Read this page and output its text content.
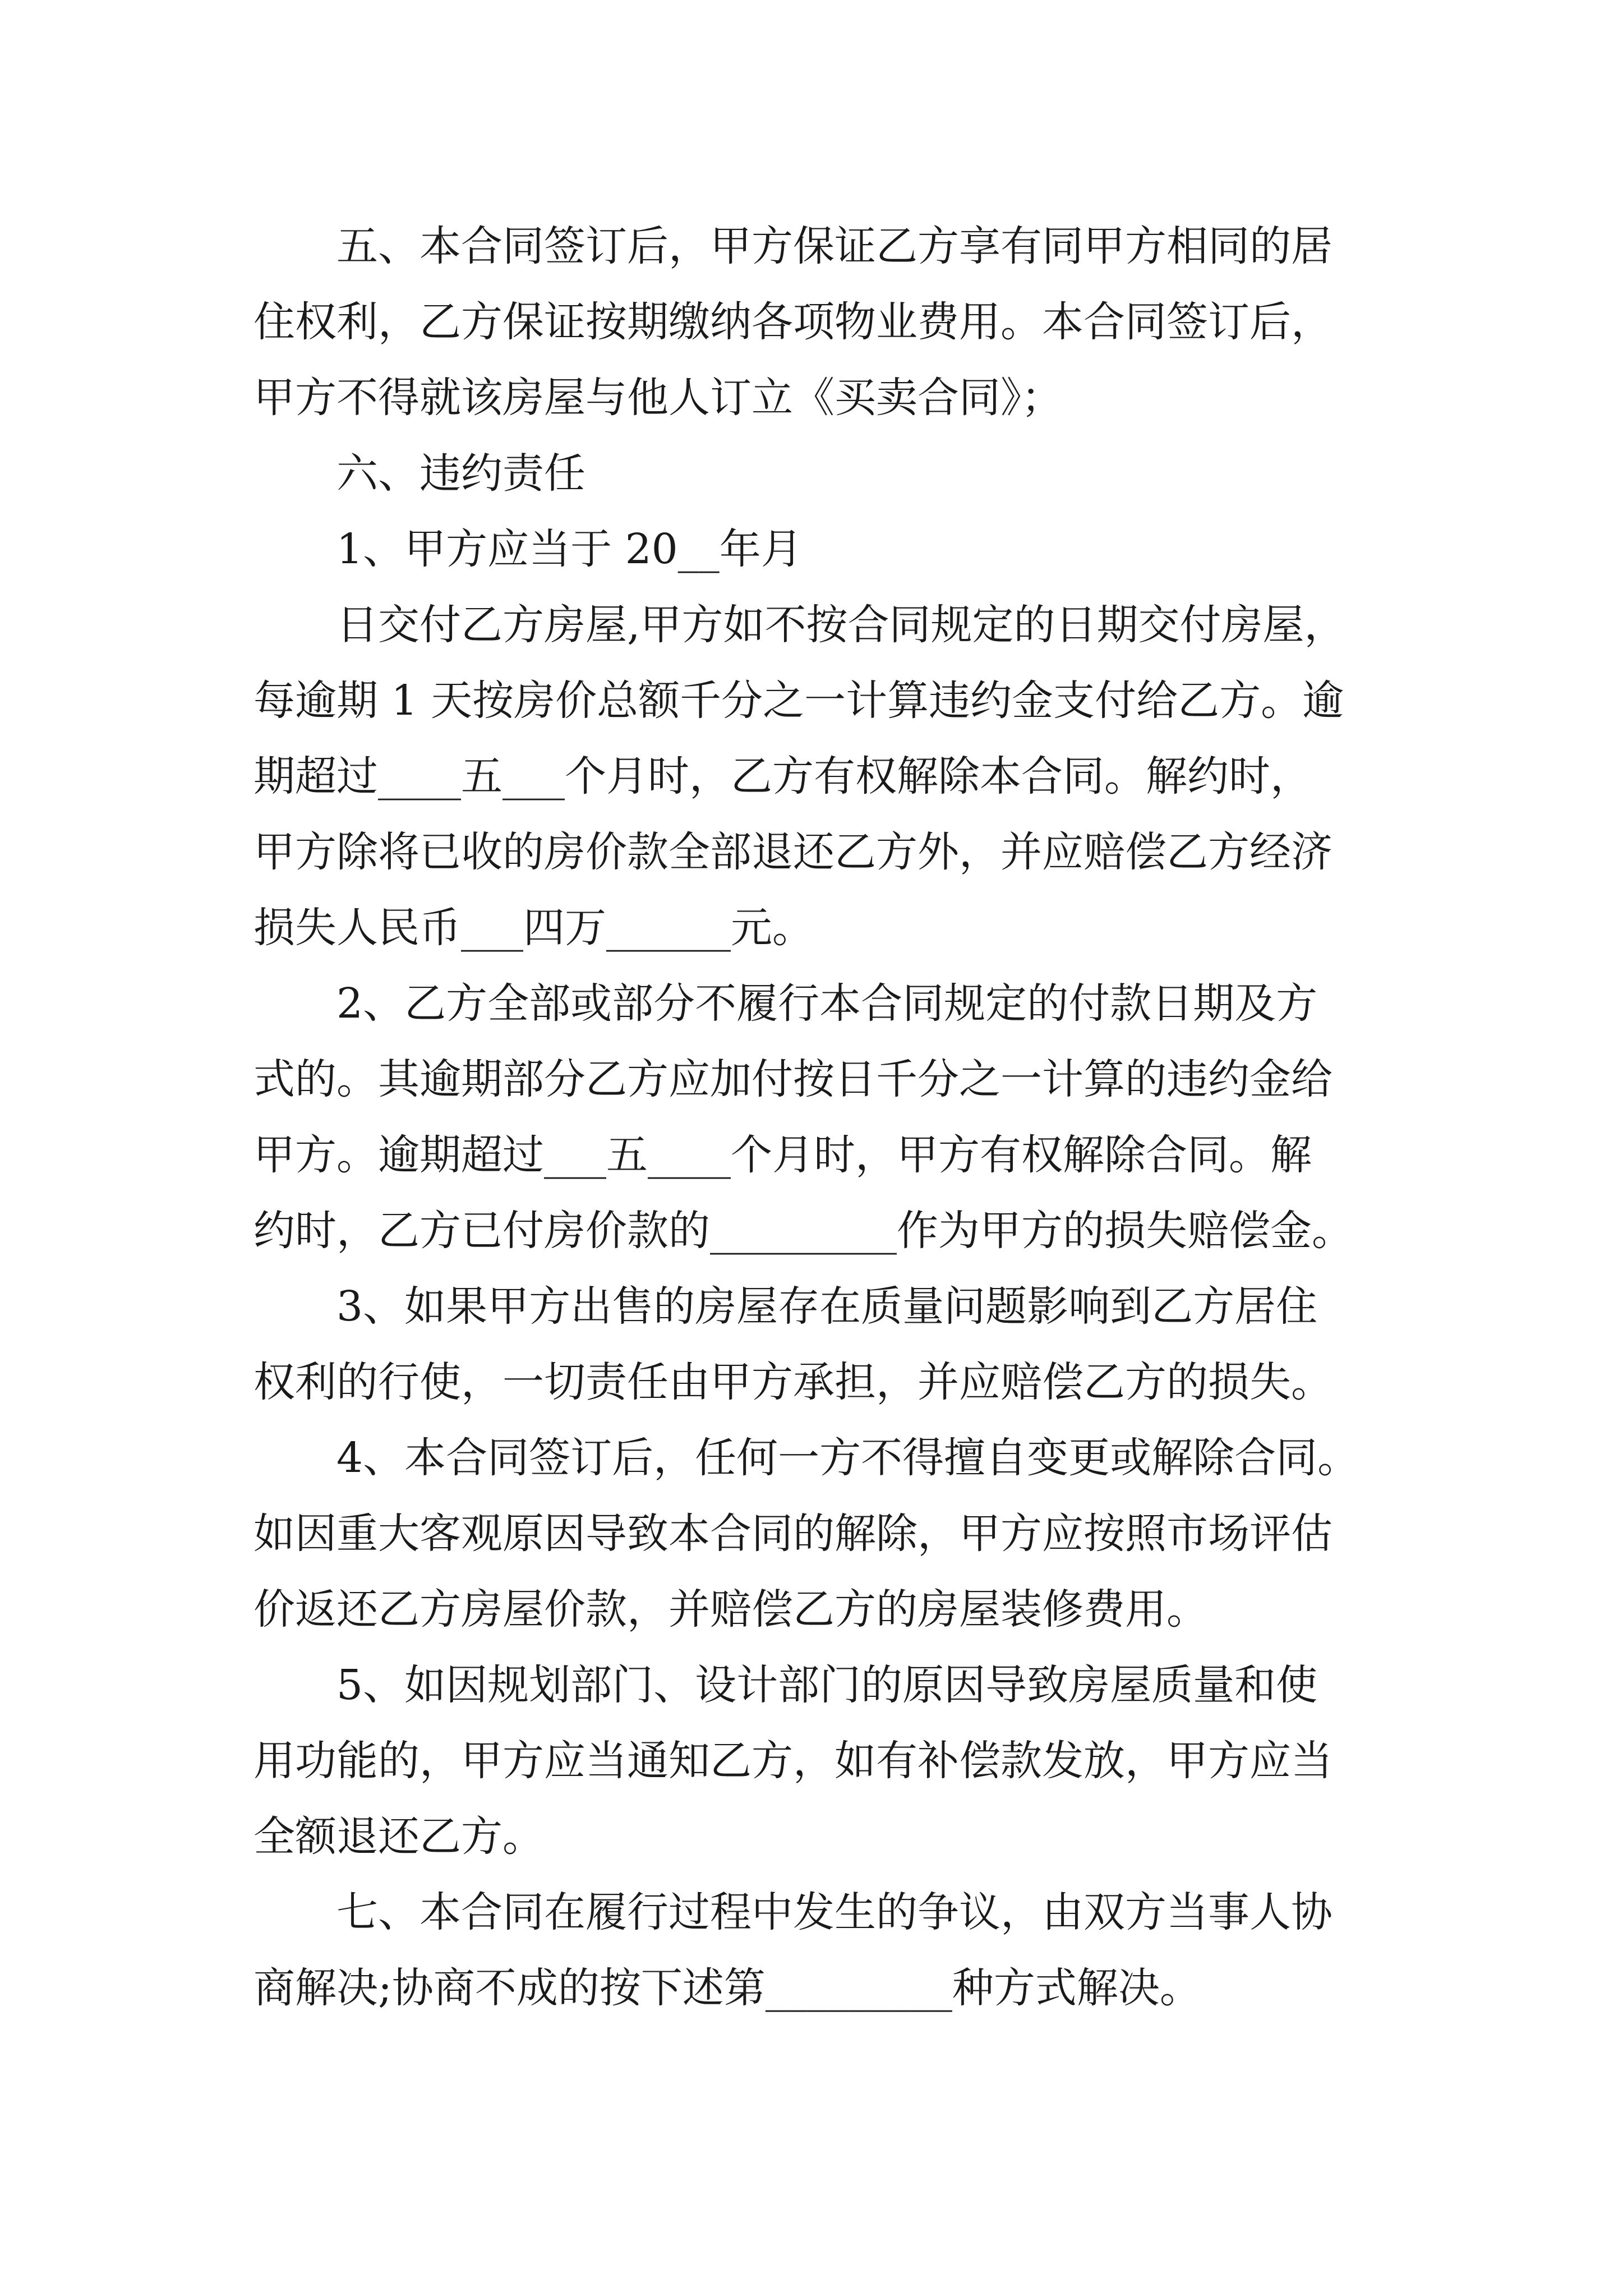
五、本合同签订后，甲方保证乙方享有同甲方相同的居
住权利，乙方保证按期缴纳各项物业费用。本合同签订后，
甲方不得就该房屋与他人订立《买卖合同》；
六、违约责任
1、甲方应当于 20__年月
日交付乙方房屋,甲方如不按合同规定的日期交付房屋，
每逾期 1 天按房价总额千分之一计算违约金支付给乙方。逾
期超过____五___个月时，乙方有权解除本合同。解约时，
甲方除将已收的房价款全部退还乙方外，并应赔偿乙方经济
损失人民币___四万______元。
2、乙方全部或部分不履行本合同规定的付款日期及方
式的。其逾期部分乙方应加付按日千分之一计算的违约金给
甲方。逾期超过___五____个月时，甲方有权解除合同。解
约时，乙方已付房价款的_________作为甲方的损失赔偿金。
3、如果甲方出售的房屋存在质量问题影响到乙方居住
权利的行使，一切责任由甲方承担，并应赔偿乙方的损失。
4、本合同签订后，任何一方不得擅自变更或解除合同。
如因重大客观原因导致本合同的解除，甲方应按照市场评估
价返还乙方房屋价款，并赔偿乙方的房屋装修费用。
5、如因规划部门、设计部门的原因导致房屋质量和使
用功能的，甲方应当通知乙方，如有补偿款发放，甲方应当
全额退还乙方。
七、本合同在履行过程中发生的争议，由双方当事人协
商解决;协商不成的按下述第_________种方式解决。
